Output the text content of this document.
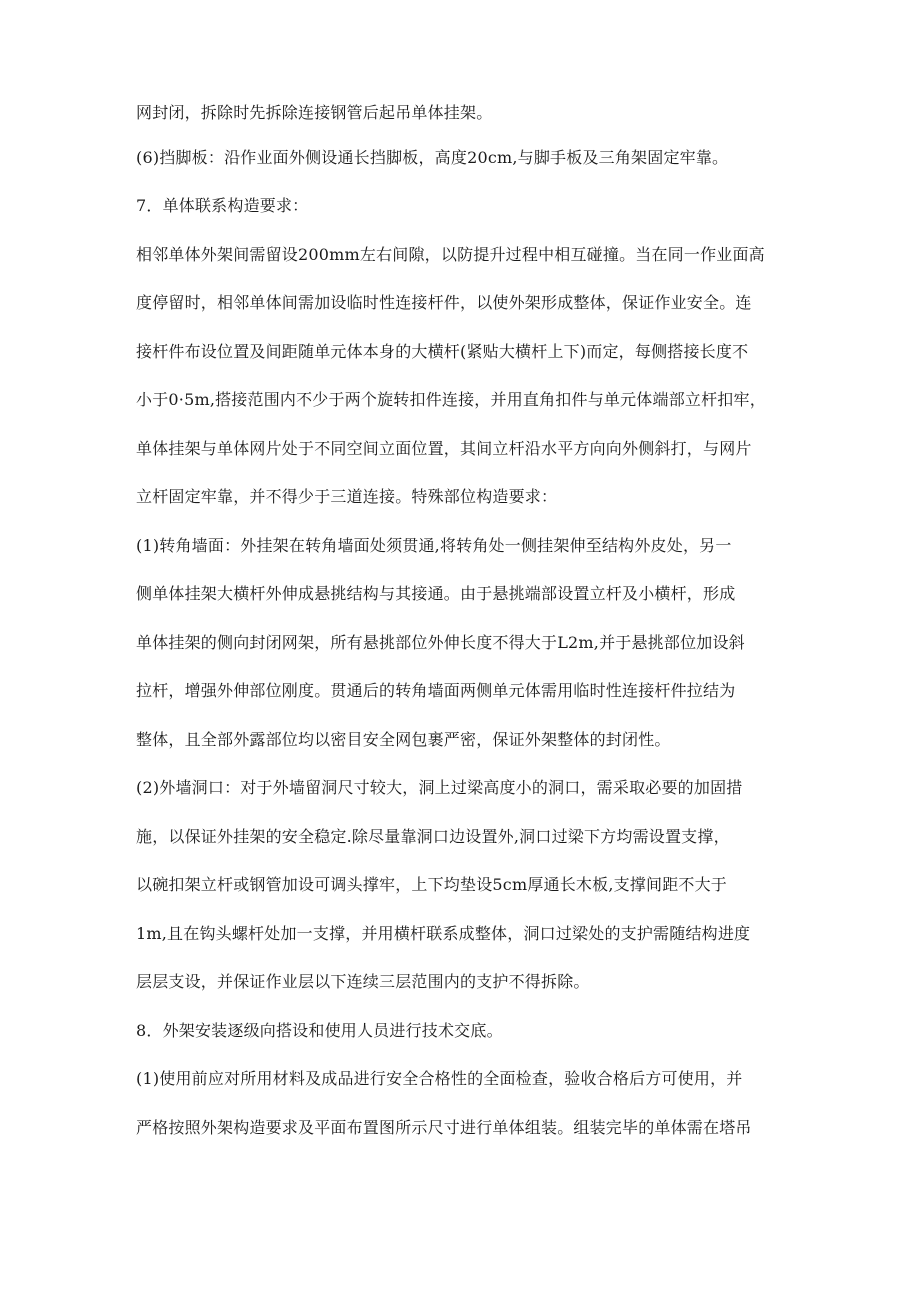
网封闭，拆除时先拆除连接钢管后起吊单体挂架。
(6)挡脚板：沿作业面外侧设通长挡脚板，高度20cm,与脚手板及三角架固定牢靠。
7．单体联系构造要求：
相邻单体外架间需留设200mm左右间隙，以防提升过程中相互碰撞。当在同一作业面高
度停留时，相邻单体间需加设临时性连接杆件，以使外架形成整体，保证作业安全。连
接杆件布设位置及间距随单元体本身的大横杆(紧贴大横杆上下)而定，每侧搭接长度不
小于0·5m,搭接范围内不少于两个旋转扣件连接，并用直角扣件与单元体端部立杆扣牢，
单体挂架与单体网片处于不同空间立面位置，其间立杆沿水平方向向外侧斜打，与网片
立杆固定牢靠，并不得少于三道连接。特殊部位构造要求：
(1)转角墙面：外挂架在转角墙面处须贯通,将转角处一侧挂架伸至结构外皮处，另一
侧单体挂架大横杆外伸成悬挑结构与其接通。由于悬挑端部设置立杆及小横杆，形成
单体挂架的侧向封闭网架，所有悬挑部位外伸长度不得大于L2m,并于悬挑部位加设斜
拉杆，增强外伸部位刚度。贯通后的转角墙面两侧单元体需用临时性连接杆件拉结为
整体，且全部外露部位均以密目安全网包裹严密，保证外架整体的封闭性。
(2)外墙洞口：对于外墙留洞尺寸较大，洞上过梁高度小的洞口，需采取必要的加固措
施，以保证外挂架的安全稳定.除尽量靠洞口边设置外,洞口过梁下方均需设置支撑，
以碗扣架立杆或钢管加设可调头撑牢，上下均垫设5cm厚通长木板,支撑间距不大于
1m,且在钩头螺杆处加一支撑，并用横杆联系成整体，洞口过梁处的支护需随结构进度
层层支设，并保证作业层以下连续三层范围内的支护不得拆除。
8．外架安装逐级向搭设和使用人员进行技术交底。
(1)使用前应对所用材料及成品进行安全合格性的全面检查，验收合格后方可使用，并
严格按照外架构造要求及平面布置图所示尺寸进行单体组装。组装完毕的单体需在塔吊
